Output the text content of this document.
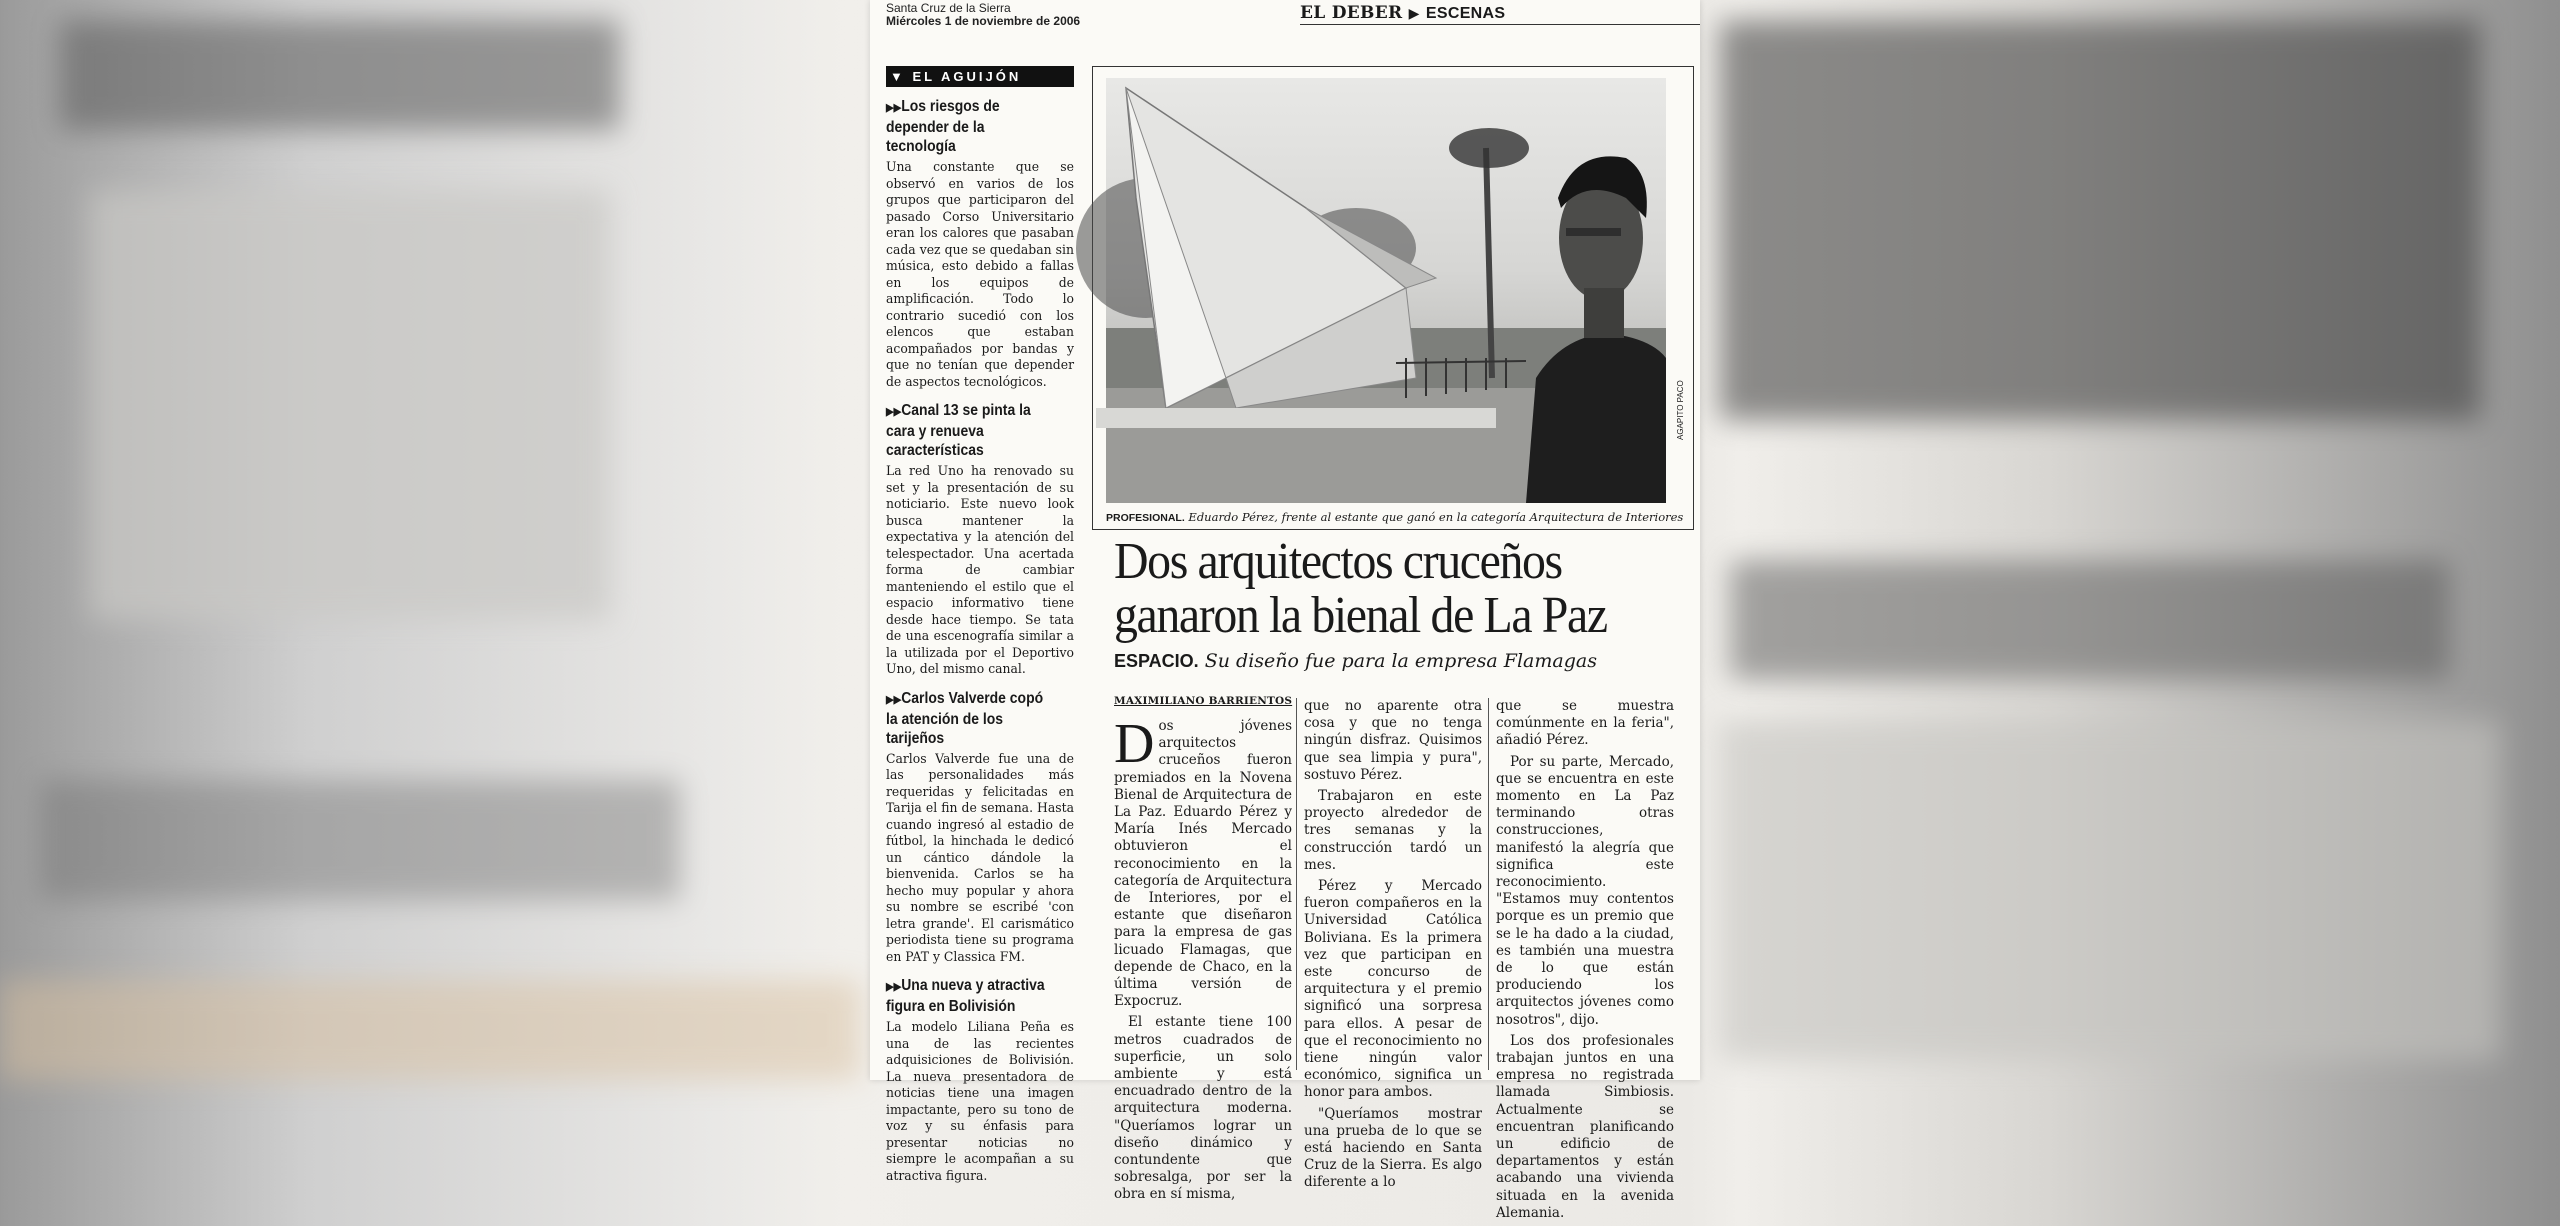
Santa Cruz de la Sierra
Miércoles 1 de noviembre de 2006	EL DEBER ▶ ESCENAS
▼ EL AGUIJÓN
▶▶Los riesgos de depender de la tecnología
Una constante que se observó en varios de los grupos que participaron del pasado Corso Universitario eran los calores que pasaban cada vez que se quedaban sin música, esto debido a fallas en los equipos de amplificación. Todo lo contrario sucedió con los elencos que estaban acompañados por bandas y que no tenían que depender de aspectos tecnológicos.
▶▶Canal 13 se pinta la cara y renueva características
La red Uno ha renovado su set y la presentación de su noticiario. Este nuevo look busca mantener la expectativa y la atención del telespectador. Una acertada forma de cambiar manteniendo el estilo que el espacio informativo tiene desde hace tiempo. Se tata de una escenografía similar a la utilizada por el Deportivo Uno, del mismo canal.
▶▶Carlos Valverde copó la atención de los tarijeños
Carlos Valverde fue una de las personalidades más requeridas y felicitadas en Tarija el fin de semana. Hasta cuando ingresó al estadio de fútbol, la hinchada le dedicó un cántico dándole la bienvenida. Carlos se ha hecho muy popular y ahora su nombre se escribé 'con letra grande'. El carismático periodista tiene su programa en PAT y Classica FM.
▶▶Una nueva y atractiva figura en Bolivisión
La modelo Liliana Peña es una de las recientes adquisiciones de Bolivisión. La nueva presentadora de noticias tiene una imagen impactante, pero su tono de voz y su énfasis para presentar noticias no siempre le acompañan a su atractiva figura.
AGAPITO PACO
PROFESIONAL. Eduardo Pérez, frente al estante que ganó en la categoría Arquitectura de Interiores
Dos arquitectos cruceños
ganaron la bienal de La Paz
ESPACIO. Su diseño fue para la empresa Flamagas
MAXIMILIANO BARRIENTOS

Dos jóvenes arquitectos cruceños fueron premiados en la Novena Bienal de Arquitectura de La Paz. Eduardo Pérez y María Inés Mercado obtuvieron el reconocimiento en la categoría de Arquitectura de Interiores, por el estante que diseñaron para la empresa de gas licuado Flamagas, que depende de Chaco, en la última versión de Expocruz.

El estante tiene 100 metros cuadrados de superficie, un solo ambiente y está encuadrado dentro de la arquitectura moderna. "Queríamos lograr un diseño dinámico y contundente que sobresalga, por ser la obra en sí misma,

que no aparente otra cosa y que no tenga ningún disfraz. Quisimos que sea limpia y pura", sostuvo Pérez.

Trabajaron en este proyecto alrededor de tres semanas y la construcción tardó un mes.

Pérez y Mercado fueron compañeros en la Universidad Católica Boliviana. Es la primera vez que participan en este concurso de arquitectura y el premio significó una sorpresa para ellos. A pesar de que el reconocimiento no tiene ningún valor económico, significa un honor para ambos.

"Queríamos mostrar una prueba de lo que se está haciendo en Santa Cruz de la Sierra. Es algo diferente a lo

que se muestra comúnmente en la feria", añadió Pérez.

Por su parte, Mercado, que se encuentra en este momento en La Paz terminando otras construcciones, manifestó la alegría que significa este reconocimiento. "Estamos muy contentos porque es un premio que se le ha dado a la ciudad, es también una muestra de lo que están produciendo los arquitectos jóvenes como nosotros", dijo.

Los dos profesionales trabajan juntos en una empresa no registrada llamada Simbiosis. Actualmente se encuentran planificando un edificio de departamentos y están acabando una vivienda situada en la avenida Alemania.
